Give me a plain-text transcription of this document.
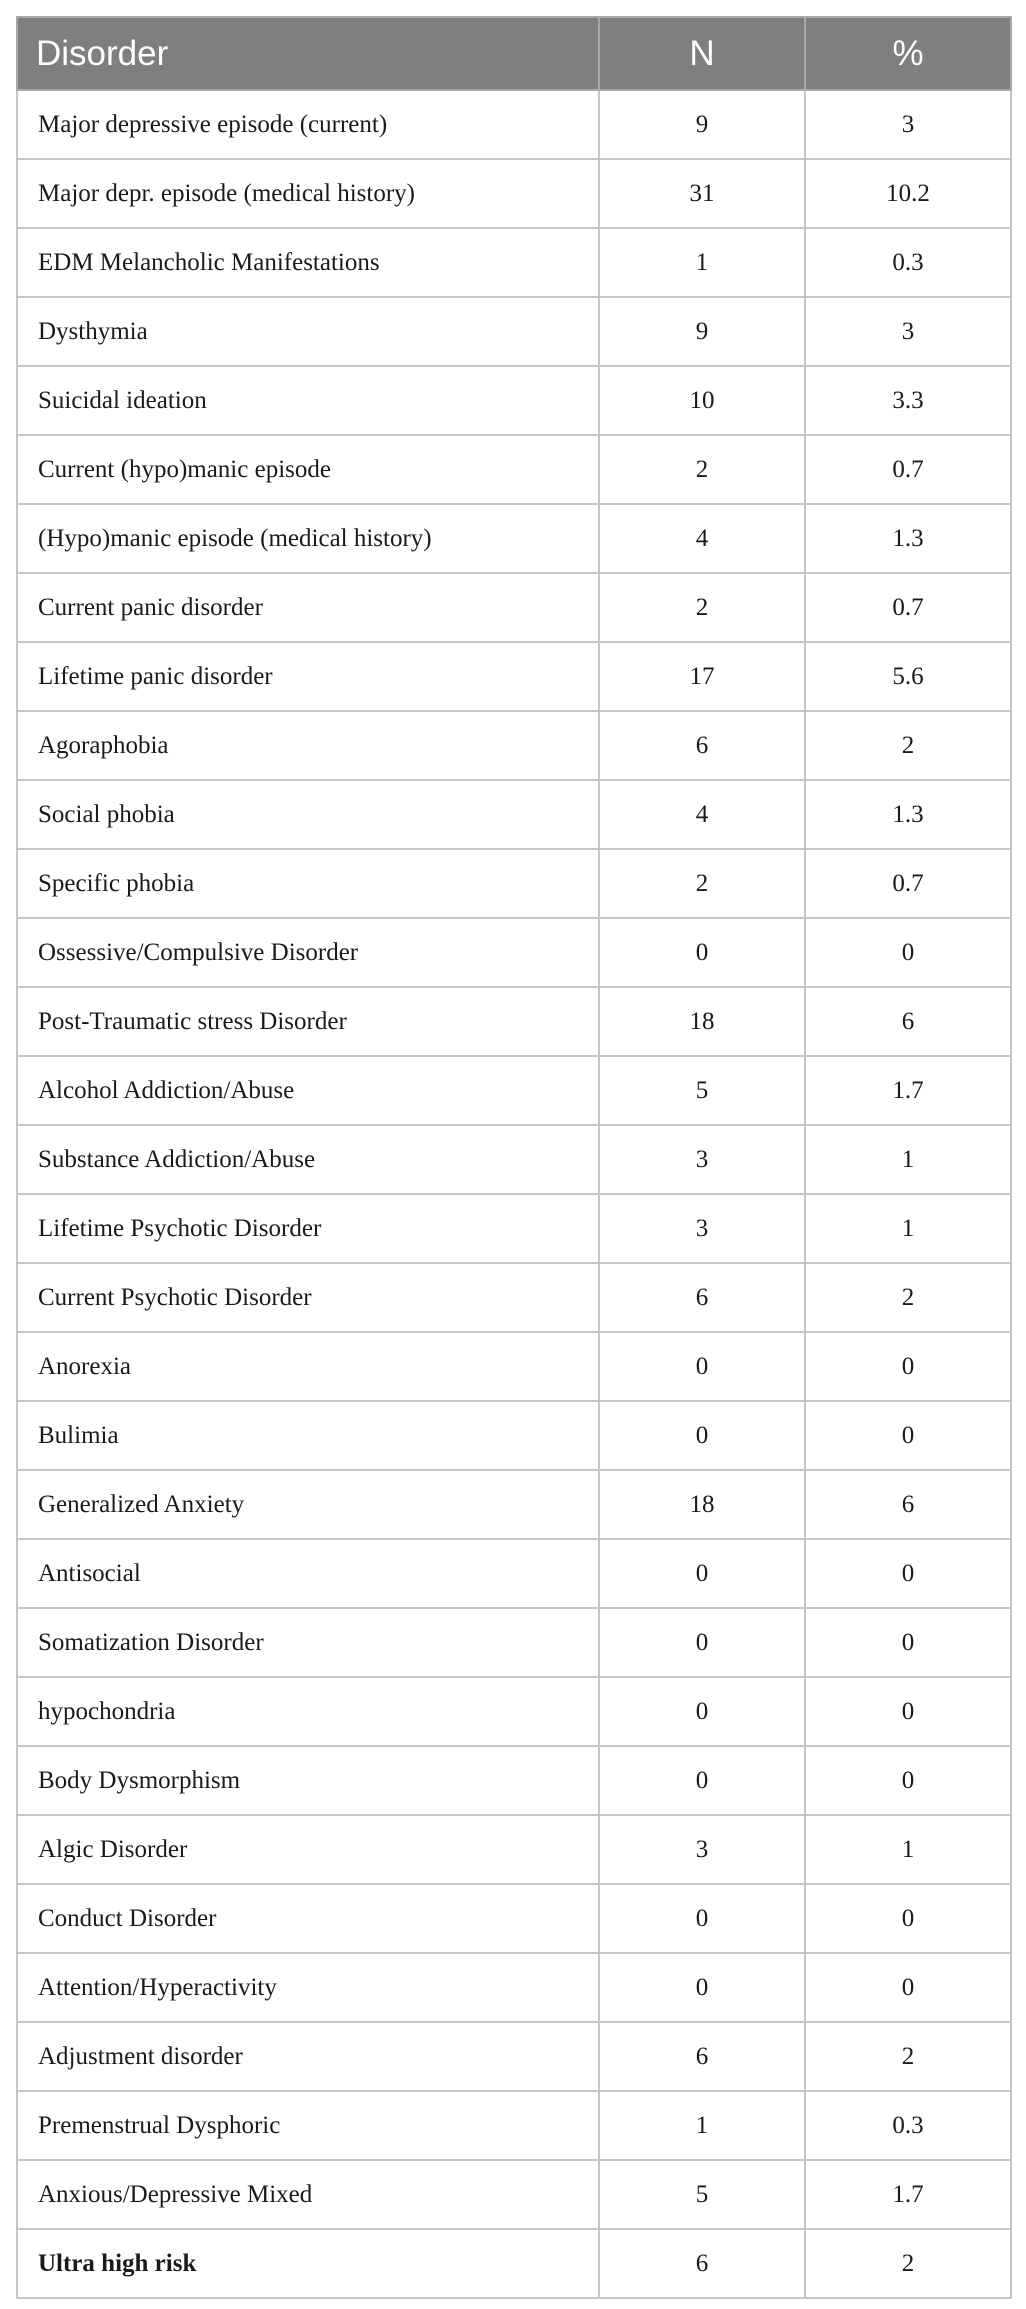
Disorder	N	%
Major depressive episode (current)	9	3
Major depr. episode (medical history)	31	10.2
EDM Melancholic Manifestations	1	0.3
Dysthymia	9	3
Suicidal ideation	10	3.3
Current (hypo)manic episode	2	0.7
(Hypo)manic episode (medical history)	4	1.3
Current panic disorder	2	0.7
Lifetime panic disorder	17	5.6
Agoraphobia	6	2
Social phobia	4	1.3
Specific phobia	2	0.7
Ossessive/Compulsive Disorder	0	0
Post-Traumatic stress Disorder	18	6
Alcohol Addiction/Abuse	5	1.7
Substance Addiction/Abuse	3	1
Lifetime Psychotic Disorder	3	1
Current Psychotic Disorder	6	2
Anorexia	0	0
Bulimia	0	0
Generalized Anxiety	18	6
Antisocial	0	0
Somatization Disorder	0	0
hypochondria	0	0
Body Dysmorphism	0	0
Algic Disorder	3	1
Conduct Disorder	0	0
Attention/Hyperactivity	0	0
Adjustment disorder	6	2
Premenstrual Dysphoric	1	0.3
Anxious/Depressive Mixed	5	1.7
Ultra high risk	6	2
